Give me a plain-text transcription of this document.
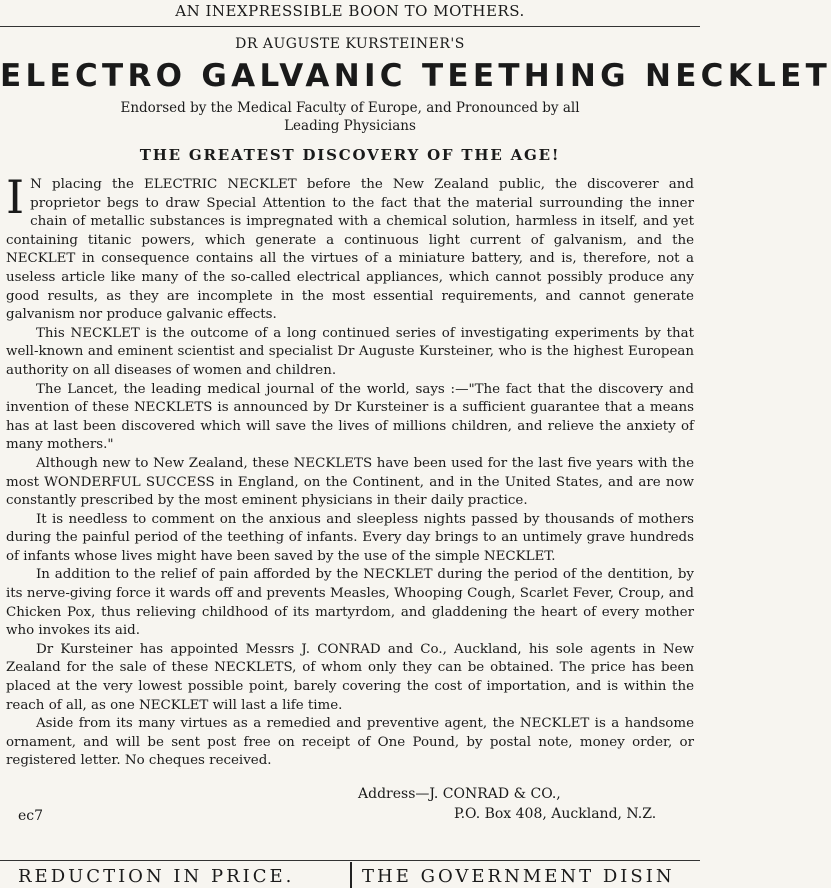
AN INEXPRESSIBLE BOON TO MOTHERS.
DR AUGUSTE KURSTEINER'S
ELECTRO GALVANIC TEETHING NECKLET
Endorsed by the Medical Faculty of Europe, and Pronounced by all
Leading Physicians
THE GREATEST DISCOVERY OF THE AGE!

I N placing the ELECTRIC NECKLET before the New Zealand public, the discoverer and proprietor begs to draw Special Attention to the fact that the material surrounding the inner chain of metallic substances is impregnated with a chemical solution, harmless in itself, and yet containing titanic powers, which generate a continuous light current of galvanism, and the NECKLET in consequence contains all the virtues of a miniature battery, and is, therefore, not a useless article like many of the so-called electrical appliances, which cannot possibly produce any good results, as they are incomplete in the most essential requirements, and cannot generate galvanism nor produce galvanic effects.

This NECKLET is the outcome of a long continued series of investigating experiments by that well-known and eminent scientist and specialist Dr Auguste Kursteiner, who is the highest European authority on all diseases of women and children.

The Lancet, the leading medical journal of the world, says :—"The fact that the discovery and invention of these NECKLETS is announced by Dr Kursteiner is a sufficient guarantee that a means has at last been discovered which will save the lives of millions children, and relieve the anxiety of many mothers."

Although new to New Zealand, these NECKLETS have been used for the last five years with the most WONDERFUL SUCCESS in England, on the Continent, and in the United States, and are now constantly prescribed by the most eminent physicians in their daily practice.

It is needless to comment on the anxious and sleepless nights passed by thousands of mothers during the painful period of the teething of infants. Every day brings to an untimely grave hundreds of infants whose lives might have been saved by the use of the simple NECKLET.

In addition to the relief of pain afforded by the NECKLET during the period of the dentition, by its nerve-giving force it wards off and prevents Measles, Whooping Cough, Scarlet Fever, Croup, and Chicken Pox, thus relieving childhood of its martyrdom, and gladdening the heart of every mother who invokes its aid.

Dr Kursteiner has appointed Messrs J. CONRAD and Co., Auckland, his sole agents in New Zealand for the sale of these NECKLETS, of whom only they can be obtained. The price has been placed at the very lowest possible point, barely covering the cost of importation, and is within the reach of all, as one NECKLET will last a life time.

Aside from its many virtues as a remedied and preventive agent, the NECKLET is a handsome ornament, and will be sent post free on receipt of One Pound, by postal note, money order, or registered letter. No cheques received.

Address—J. CONRAD & CO.,
P.O. Box 408, Auckland, N.Z.
ec7
REDUCTION IN PRICE.	THE GOVERNMENT DISIN
